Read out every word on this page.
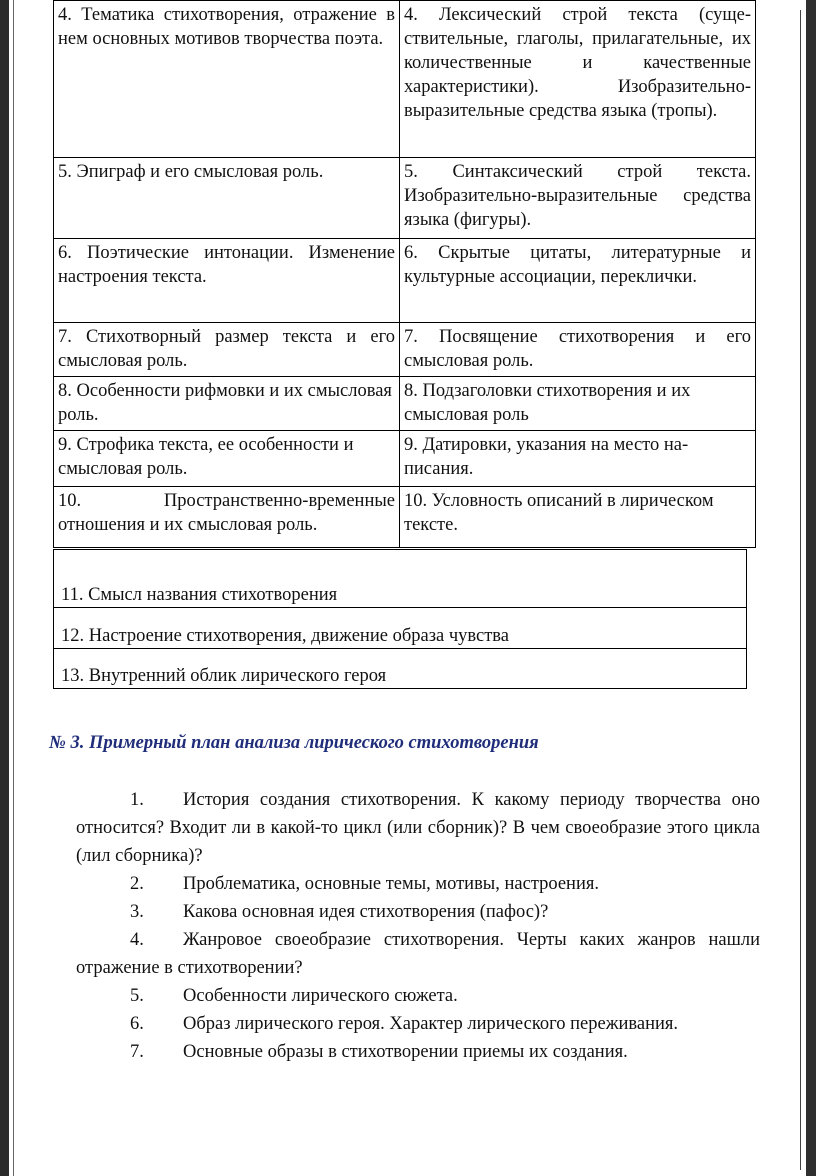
4. Тематика стихотворения, отражение в нем основных мотивов творчества поэта.	4. Лексический строй текста (существительные, глаголы, прилагательные, их количественные и качественные характеристики). Изобразительно-выразительные средства языка (тропы).
5. Эпиграф и его смысловая роль.	5. Синтаксический строй текста. Изобразительно-выразительные средства языка (фигуры).
6. Поэтические интонации. Изменение настроения текста.	6. Скрытые цитаты, литературные и культурные ассоциации, переклички.
7. Стихотворный размер текста и его смысловая роль.	7. Посвящение стихотворения и его смысловая роль.
8. Особенности рифмовки и их смысловая роль.	8. Подзаголовки стихотворения и их смысловая роль
9. Строфика текста, ее особенности и смысловая роль.	9. Датировки, указания на место написания.
10. Пространственно-временные отношения и их смысловая роль.	10. Условность описаний в лирическом тексте.
11. Смысл названия стихотворения
12. Настроение стихотворения, движение образа чувства
13. Внутренний облик лирического героя
№ 3. Примерный план анализа лирического стихотворения
1.	История создания стихотворения. К какому периоду творчества оно относится? Входит ли в какой-то цикл (или сборник)? В чем своеобразие этого цикла (лил сборника)?
2.	Проблематика, основные темы, мотивы, настроения.
3.	Какова основная идея стихотворения (пафос)?
4.	Жанровое своеобразие стихотворения. Черты каких жанров нашли отражение в стихотворении?
5.	Особенности лирического сюжета.
6.	Образ лирического героя. Характер лирического переживания.
7.	Основные образы в стихотворении приемы их создания.
